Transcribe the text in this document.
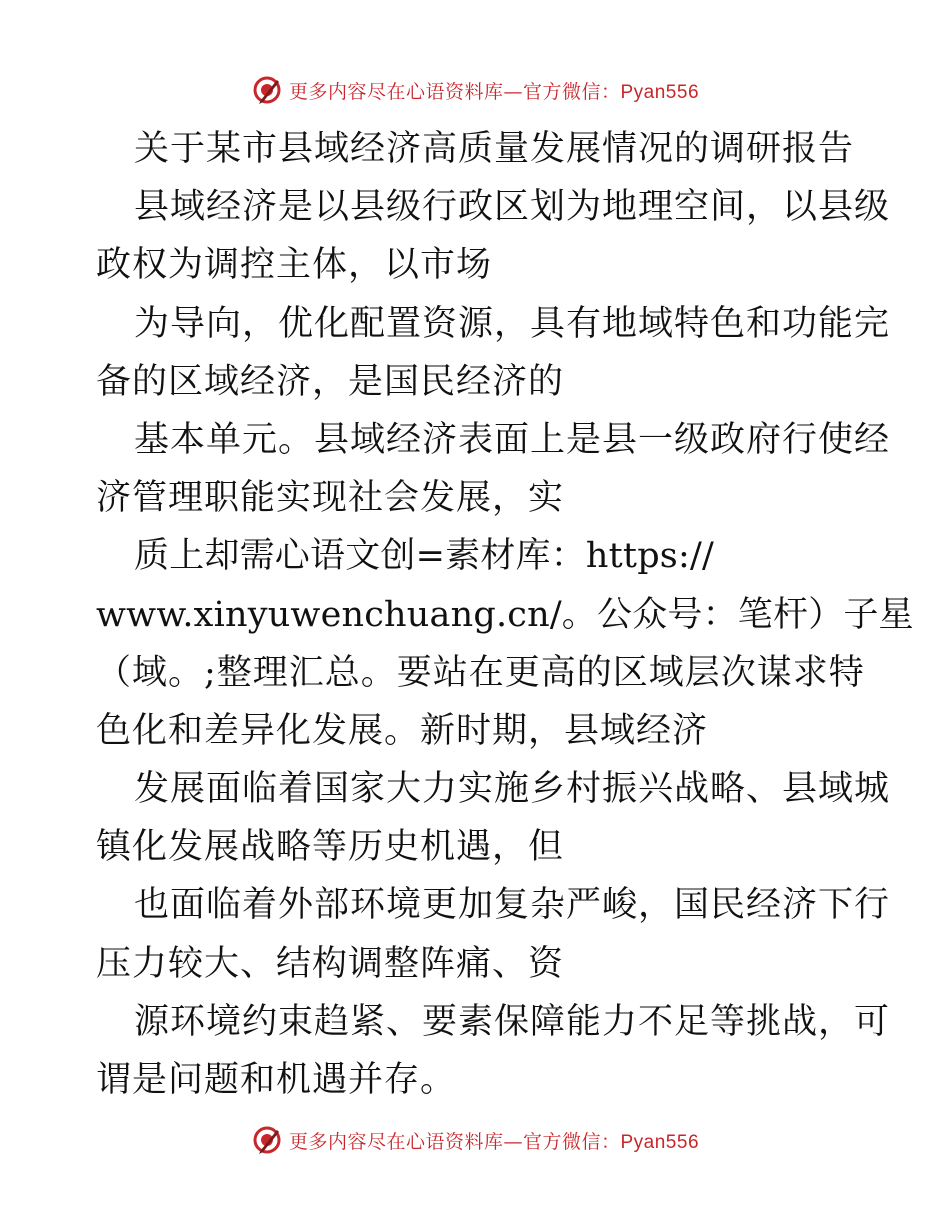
更多内容尽在心语资料库—官方微信：Pyan556
关于某市县域经济高质量发展情况的调研报告
县域经济是以县级行政区划为地理空间，以县级
政权为调控主体，以市场
为导向，优化配置资源，具有地域特色和功能完
备的区域经济，是国民经济的
基本单元。县域经济表面上是县一级政府行使经
济管理职能实现社会发展，实
质上却需心语文创=素材库：https://
www.xinyuwenchuang.cn/。公众号：笔杆）子星
（域。;整理汇总。要站在更高的区域层次谋求特
色化和差异化发展。新时期，县域经济
发展面临着国家大力实施乡村振兴战略、县域城
镇化发展战略等历史机遇，但
也面临着外部环境更加复杂严峻，国民经济下行
压力较大、结构调整阵痛、资
源环境约束趋紧、要素保障能力不足等挑战，可
谓是问题和机遇并存。
更多内容尽在心语资料库—官方微信：Pyan556
